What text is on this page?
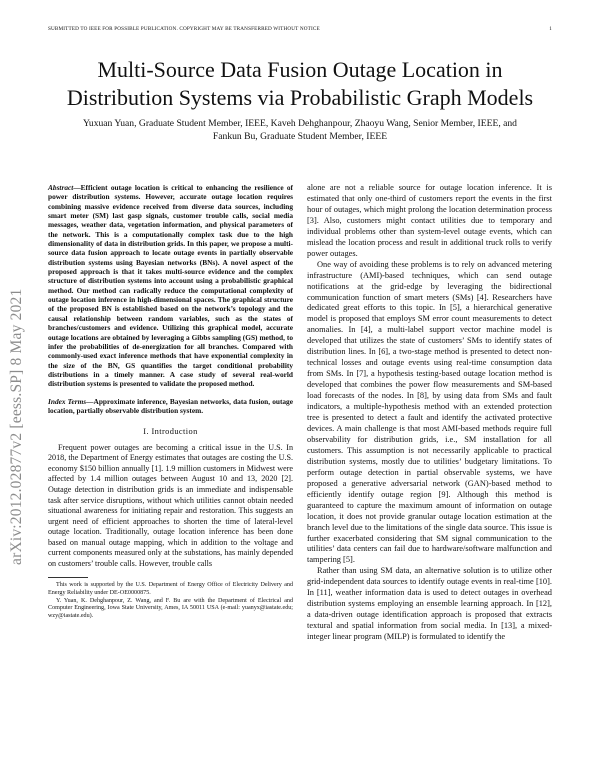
SUBMITTED TO IEEE FOR POSSIBLE PUBLICATION. COPYRIGHT MAY BE TRANSFERRED WITHOUT NOTICE	1
arXiv:2012.02877v2 [eess.SP] 8 May 2021
Multi-Source Data Fusion Outage Location in Distribution Systems via Probabilistic Graph Models
Yuxuan Yuan, Graduate Student Member, IEEE, Kaveh Dehghanpour, Zhaoyu Wang, Senior Member, IEEE, and
Fankun Bu, Graduate Student Member, IEEE

Abstract—Efficient outage location is critical to enhancing the resilience of power distribution systems. However, accurate outage location requires combining massive evidence received from diverse data sources, including smart meter (SM) last gasp signals, customer trouble calls, social media messages, weather data, vegetation information, and physical parameters of the network. This is a computationally complex task due to the high dimensionality of data in distribution grids. In this paper, we propose a multi-source data fusion approach to locate outage events in partially observable distribution systems using Bayesian networks (BNs). A novel aspect of the proposed approach is that it takes multi-source evidence and the complex structure of distribution systems into account using a probabilistic graphical method. Our method can radically reduce the computational complexity of outage location inference in high-dimensional spaces. The graphical structure of the proposed BN is established based on the network’s topology and the causal relationship between random variables, such as the states of branches/customers and evidence. Utilizing this graphical model, accurate outage locations are obtained by leveraging a Gibbs sampling (GS) method, to infer the probabilities of de-energization for all branches. Compared with commonly-used exact inference methods that have exponential complexity in the size of the BN, GS quantifies the target conditional probability distributions in a timely manner. A case study of several real-world distribution systems is presented to validate the proposed method.

Index Terms—Approximate inference, Bayesian networks, data fusion, outage location, partially observable distribution system.

I. Introduction

Frequent power outages are becoming a critical issue in the U.S. In 2018, the Department of Energy estimates that outages are costing the U.S. economy $150 billion annually [1]. 1.9 million customers in Midwest were affected by 1.4 million outages between August 10 and 13, 2020 [2]. Outage detection in distribution grids is an immediate and indispensable task after service disruptions, without which utilities cannot obtain needed situational awareness for initiating repair and restoration. This suggests an urgent need of efficient approaches to shorten the time of lateral-level outage location. Traditionally, outage location inference has been done based on manual outage mapping, which in addition to the voltage and current components measured only at the substations, has mainly depended on customers’ trouble calls. However, trouble calls

This work is supported by the U.S. Department of Energy Office of Electricity Delivery and Energy Reliability under DE-OE0000875.

Y. Yuan, K. Dehghanpour, Z. Wang, and F. Bu are with the Department of Electrical and Computer Engineering, Iowa State University, Ames, IA 50011 USA (e-mail: yuanyx@iastate.edu; wzy@iastate.edu).

alone are not a reliable source for outage location inference. It is estimated that only one-third of customers report the events in the first hour of outages, which might prolong the location determination process [3]. Also, customers might contact utilities due to temporary and individual problems other than system-level outage events, which can mislead the location process and result in additional truck rolls to verify power outages.

One way of avoiding these problems is to rely on advanced metering infrastructure (AMI)-based techniques, which can send outage notifications at the grid-edge by leveraging the bidirectional communication function of smart meters (SMs) [4]. Researchers have dedicated great efforts to this topic. In [5], a hierarchical generative model is proposed that employs SM error count measurements to detect anomalies. In [4], a multi-label support vector machine model is developed that utilizes the state of customers’ SMs to identify states of distribution lines. In [6], a two-stage method is presented to detect non-technical losses and outage events using real-time consumption data from SMs. In [7], a hypothesis testing-based outage location method is developed that combines the power flow measurements and SM-based load forecasts of the nodes. In [8], by using data from SMs and fault indicators, a multiple-hypothesis method with an extended protection tree is presented to detect a fault and identify the activated protective devices. A main challenge is that most AMI-based methods require full observability for distribution grids, i.e., SM installation for all customers. This assumption is not necessarily applicable to practical distribution systems, mostly due to utilities’ budgetary limitations. To perform outage detection in partial observable systems, we have proposed a generative adversarial network (GAN)-based method to efficiently identify outage region [9]. Although this method is guaranteed to capture the maximum amount of information on outage location, it does not provide granular outage location estimation at the branch level due to the limitations of the single data source. This issue is further exacerbated considering that SM signal communication to the utilities’ data centers can fail due to hardware/software malfunction and tampering [5].

Rather than using SM data, an alternative solution is to utilize other grid-independent data sources to identify outage events in real-time [10]. In [11], weather information data is used to detect outages in overhead distribution systems employing an ensemble learning approach. In [12], a data-driven outage identification approach is proposed that extracts textural and spatial information from social media. In [13], a mixed-integer linear program (MILP) is formulated to identify the
